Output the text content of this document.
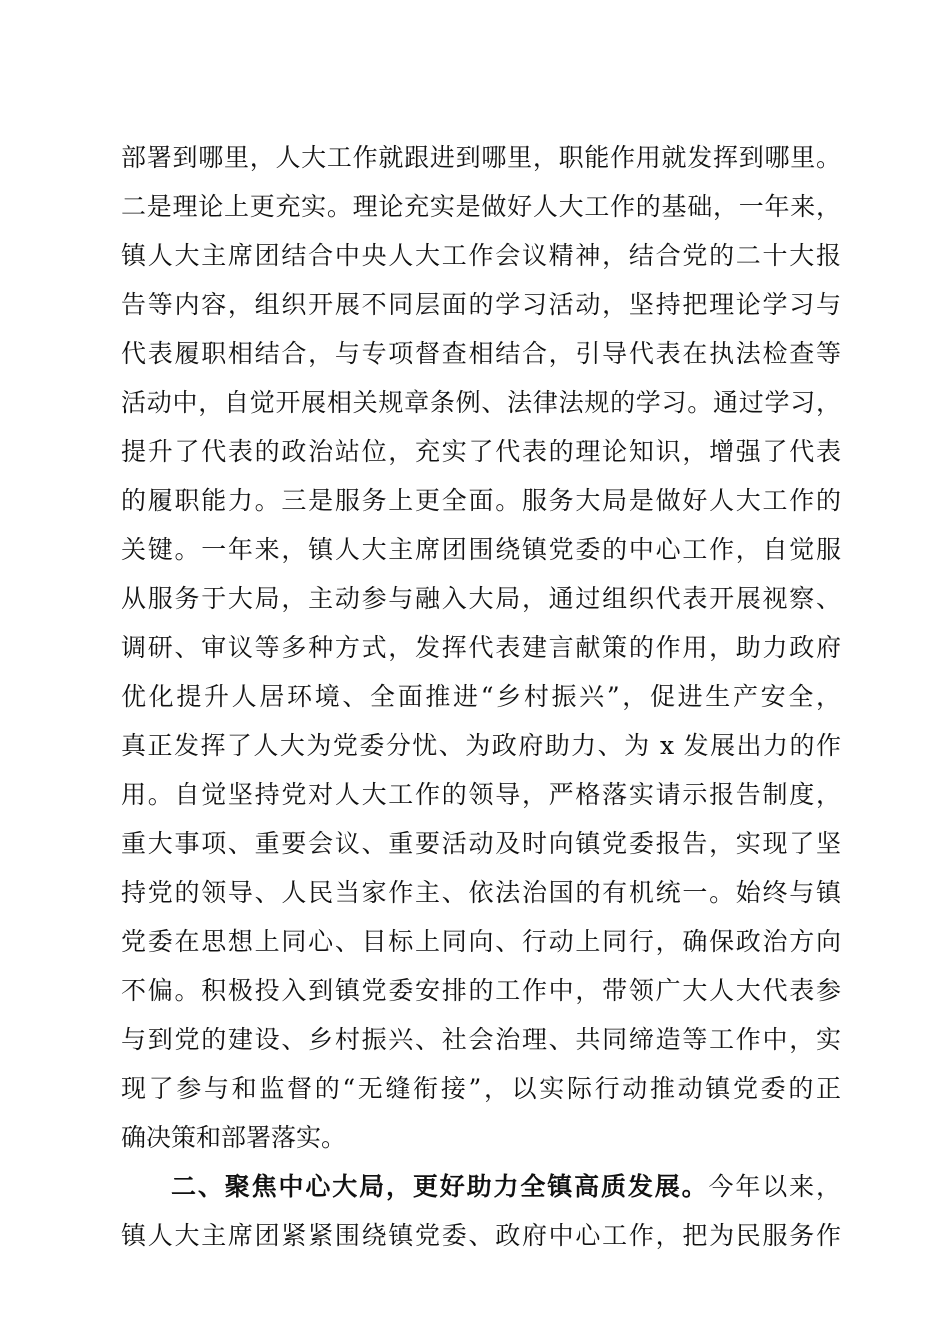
部署到哪里，人大工作就跟进到哪里，职能作用就发挥到哪里。
二是理论上更充实。理论充实是做好人大工作的基础，一年来，
镇人大主席团结合中央人大工作会议精神，结合党的二十大报
告等内容，组织开展不同层面的学习活动，坚持把理论学习与
代表履职相结合，与专项督查相结合，引导代表在执法检查等
活动中，自觉开展相关规章条例、法律法规的学习。通过学习，
提升了代表的政治站位，充实了代表的理论知识，增强了代表
的履职能力。三是服务上更全面。服务大局是做好人大工作的
关键。一年来，镇人大主席团围绕镇党委的中心工作，自觉服
从服务于大局，主动参与融入大局，通过组织代表开展视察、
调研、审议等多种方式，发挥代表建言献策的作用，助力政府
优化提升人居环境、全面推进“乡村振兴”，促进生产安全，
真正发挥了人大为党委分忧、为政府助力、为 x 发展出力的作
用。自觉坚持党对人大工作的领导，严格落实请示报告制度，
重大事项、重要会议、重要活动及时向镇党委报告，实现了坚
持党的领导、人民当家作主、依法治国的有机统一。始终与镇
党委在思想上同心、目标上同向、行动上同行，确保政治方向
不偏。积极投入到镇党委安排的工作中，带领广大人大代表参
与到党的建设、乡村振兴、社会治理、共同缔造等工作中，实
现了参与和监督的“无缝衔接”，以实际行动推动镇党委的正
确决策和部署落实。
二、聚焦中心大局，更好助力全镇高质发展。今年以来，
镇人大主席团紧紧围绕镇党委、政府中心工作，把为民服务作
